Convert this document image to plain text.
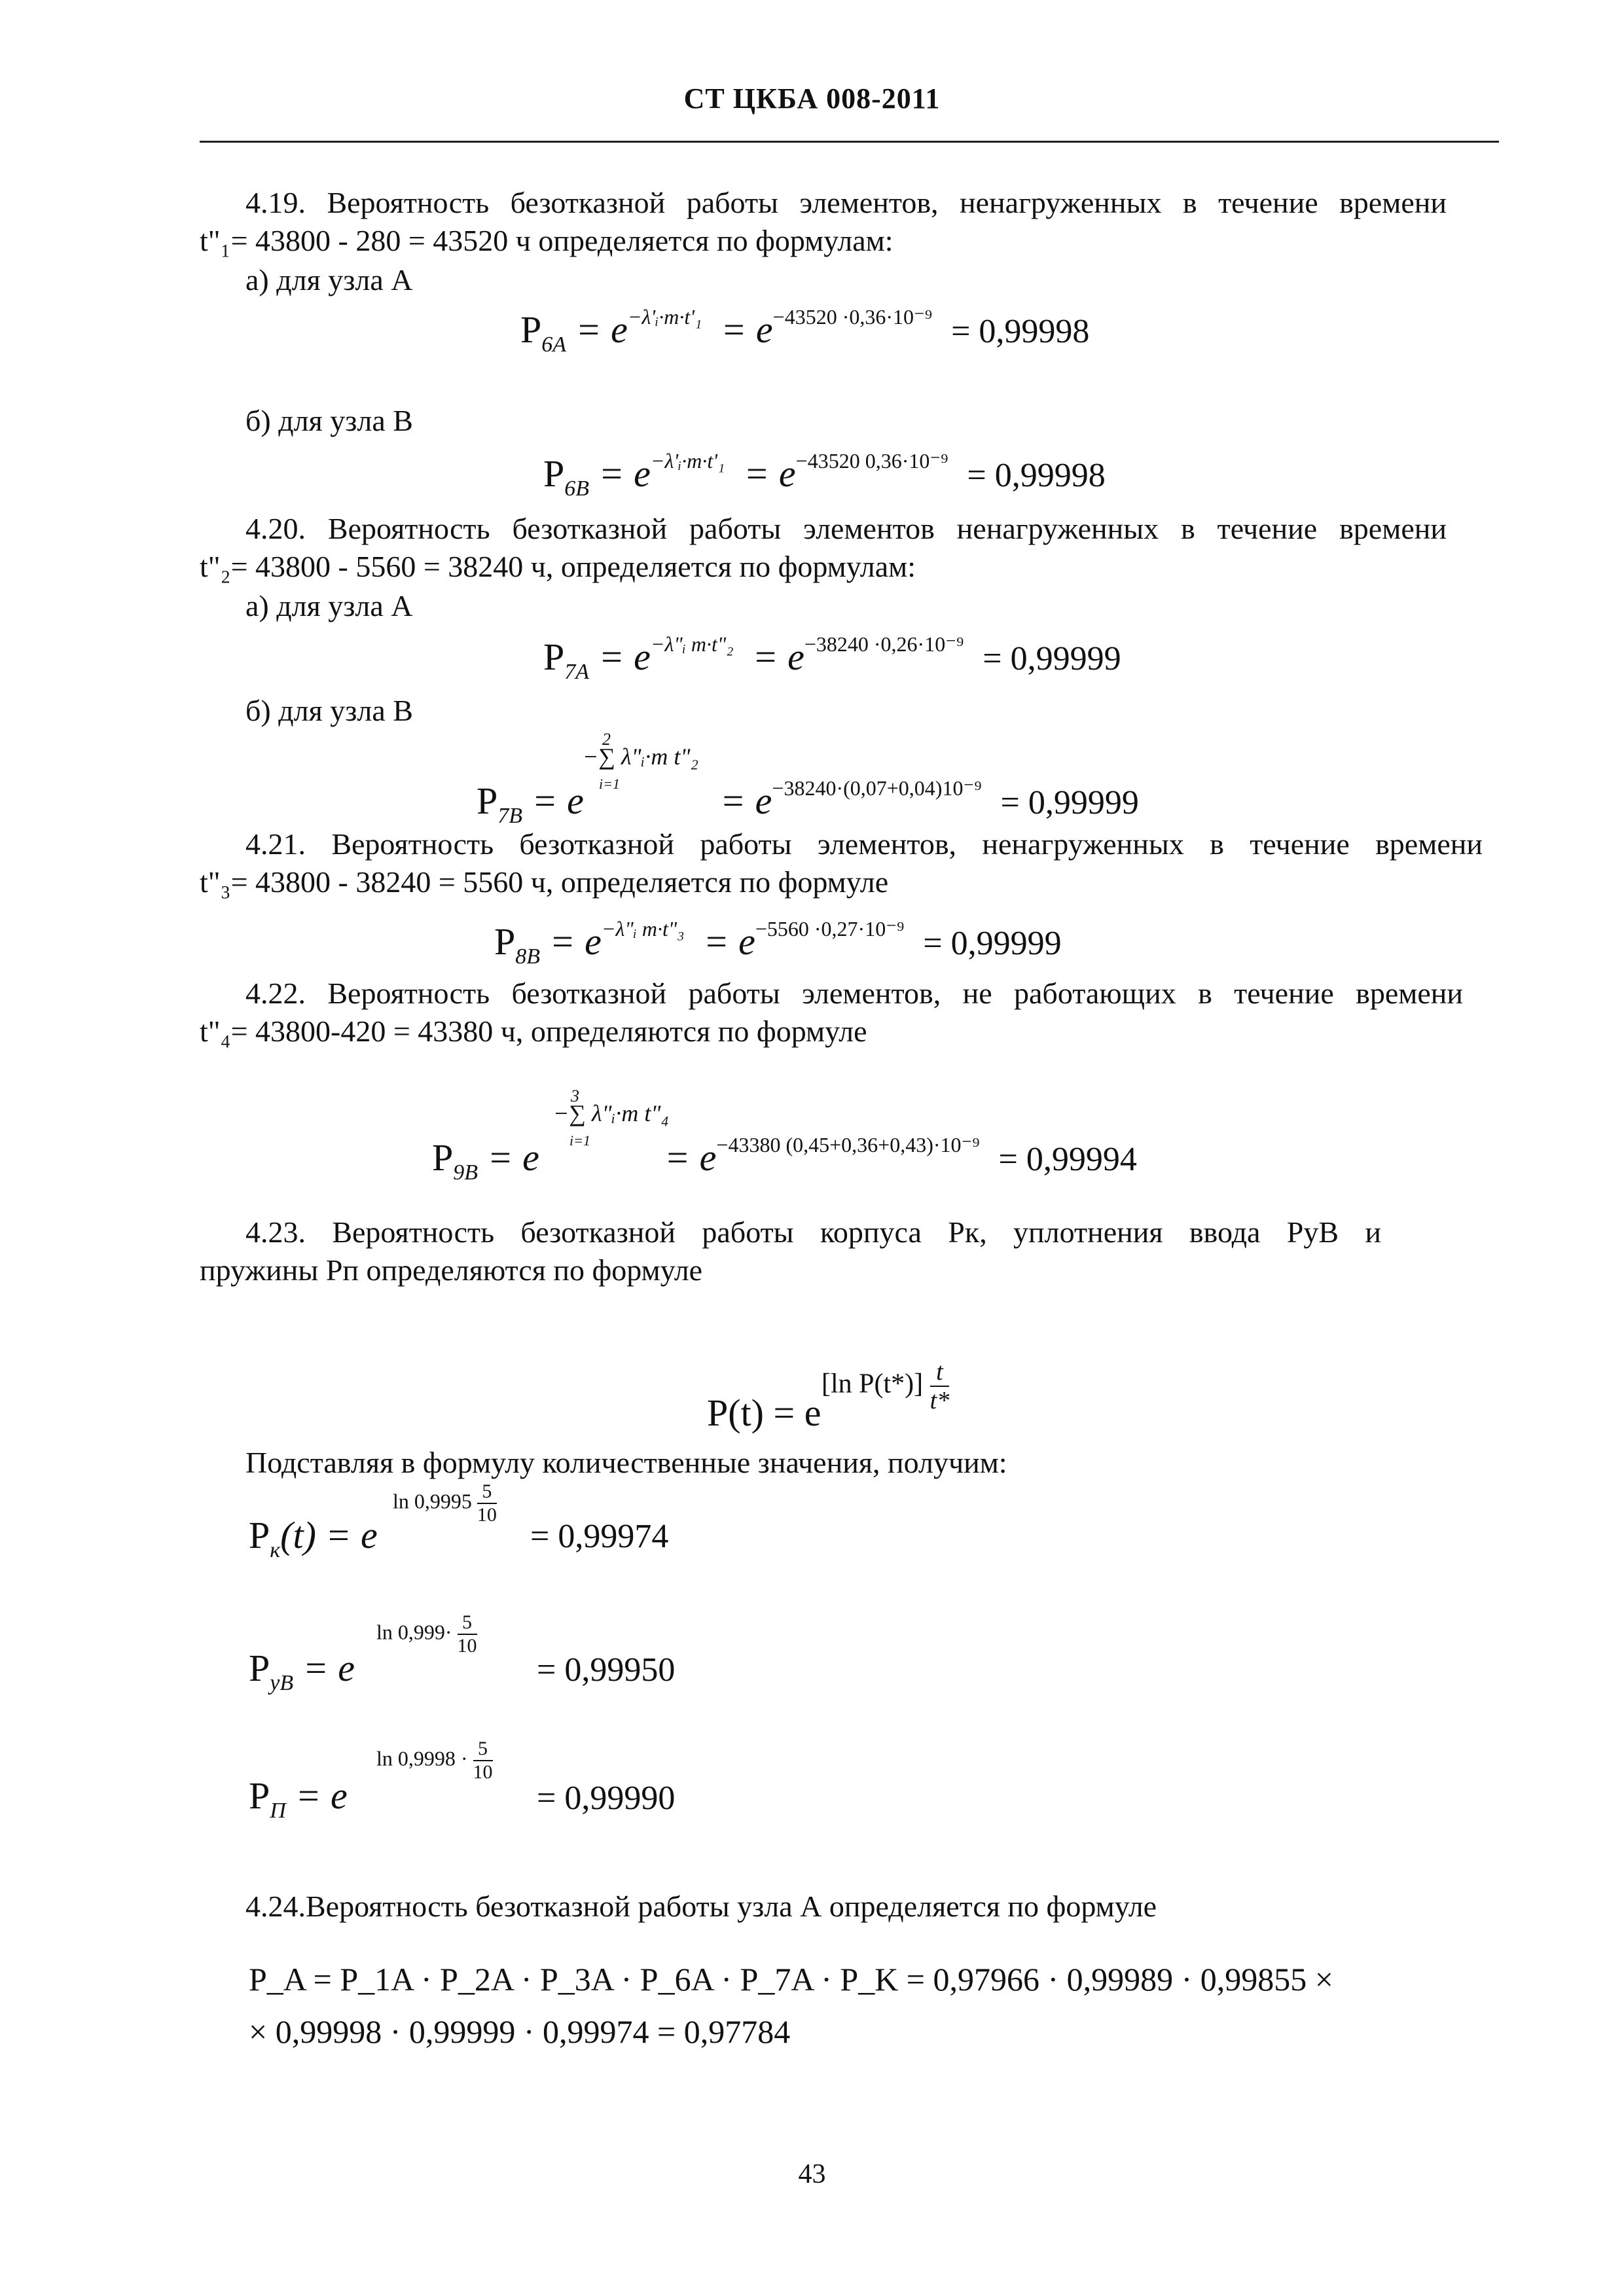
СТ ЦКБА 008-2011
4.19. Вероятность безотказной работы элементов, ненагруженных в течение времени
t"₁= 43800 - 280 = 43520 ч определяется по формулам:
а) для узла А
$P_{6A} = e^{-\lambda'ᵢ\cdot m\cdot t'_1} = e^{-43520 \cdot 0,36\cdot 10^{-9}} = 0,99998$
б) для узла В
$P_{6B} = e^{-\lambda'ᵢ\cdot m\cdot t'_1} = e^{-43520 0,36\cdot 10^{-9}} = 0,99998$
4.20. Вероятность безотказной работы элементов ненагруженных в течение времени
t"₂= 43800 - 5560 = 38240 ч, определяется по формулам:
а) для узла А
$P_{7A} = e^{-\lambda"ᵢ m\cdot t"_2} = e^{-38240 \cdot 0,26\cdot 10^{-9}} = 0,99999$
б) для узла В
2
−∑ λ"ᵢ·m t"₂
i=1
$P_{7B} = e$	= $e^{-38240\cdot(0,07+0,04)10^{-9}} = 0,99999$
4.21. Вероятность безотказной работы элементов, ненагруженных в течение времени
t"₃= 43800 - 38240 = 5560 ч, определяется по формуле
$P_{8B} = e^{-\lambda"ᵢ m\cdot t"_3} = e^{-5560 \cdot 0,27\cdot 10^{-9}} = 0,99999$
4.22. Вероятность безотказной работы элементов, не работающих в течение времени
t"₄= 43800-420 = 43380 ч, определяются по формуле
3
−∑ λ"ᵢ·m t"₄
i=1
$P_{9B} = e$	= $e^{-43380 (0,45+0,36+0,43)\cdot 10^{-9}} = 0,99994$
4.23. Вероятность безотказной работы корпуса Pк, уплотнения ввода PуВ и
пружины Pп определяются по формуле
P(t) = e
[ln $P(t*)] \frac{t}{t*}$
Подставляя в формулу количественные значения, получим:
$\ln 0,9995 \frac{5}{10}$
$P_к(t) = e$	= 0,99974
$\ln 0,999\cdot \frac{5}{10}$
$P_{уВ} = e$	= 0,99950
$\ln 0,9998 \cdot \frac{5}{10}$
$P_П = e$	= 0,99990
4.24.Вероятность безотказной работы узла А определяется по формуле
P_A = P_1A · P_2A · P_3A · P_6A · P_7A · P_K = 0,97966 · 0,99989 · 0,99855 ×
× 0,99998 · 0,99999 · 0,99974 = 0,97784
43
